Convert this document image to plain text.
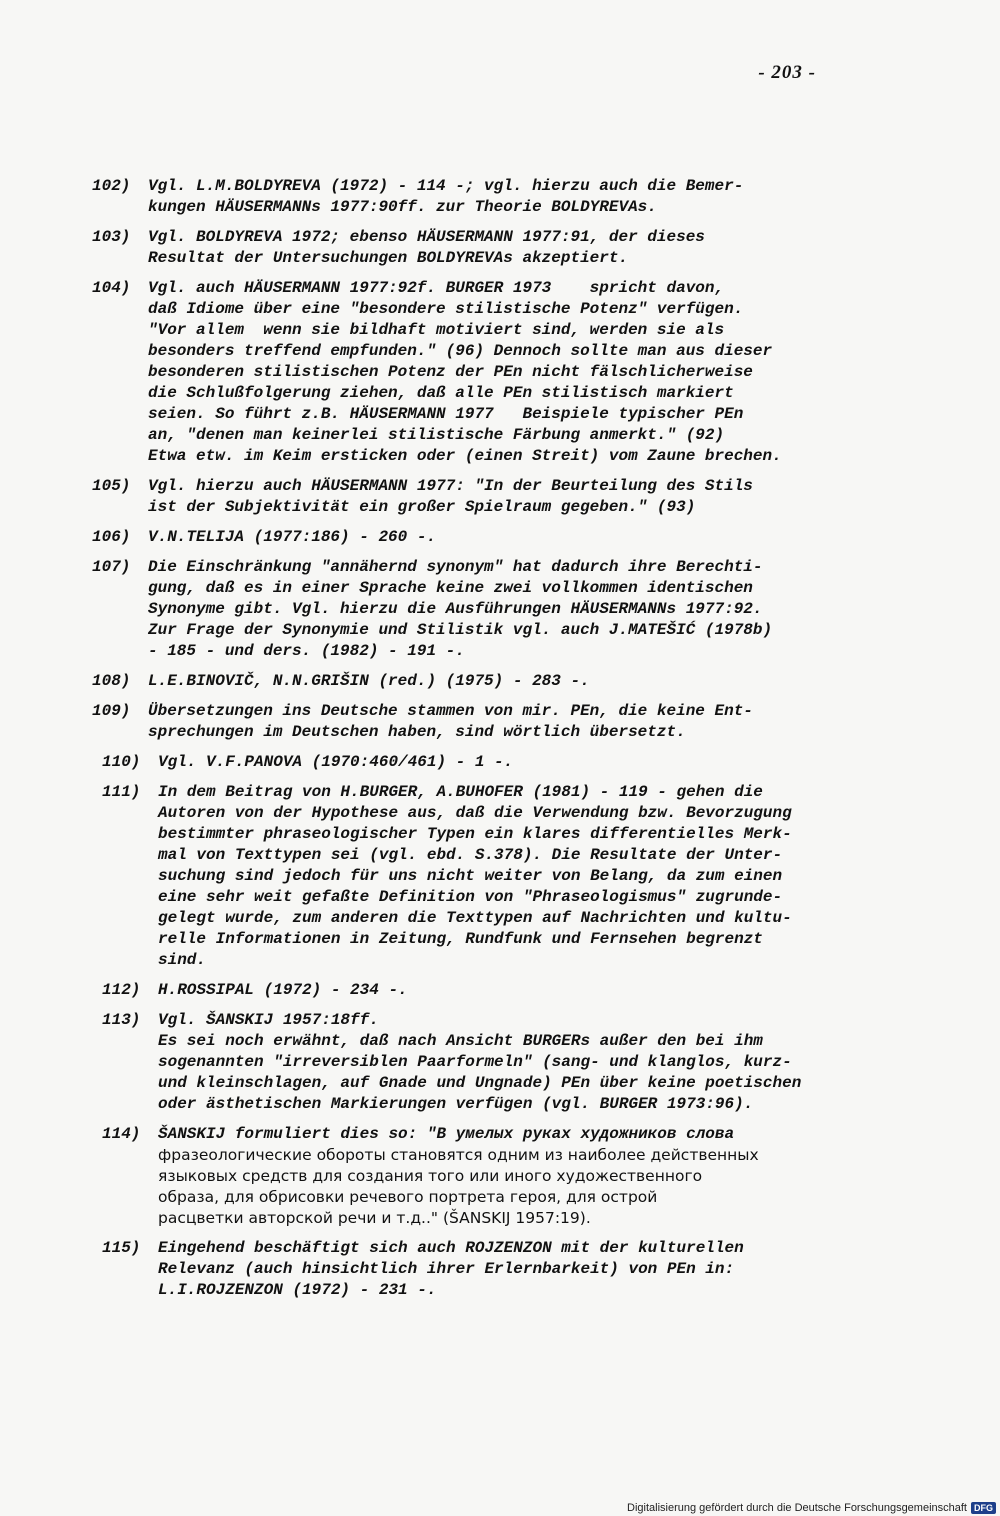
- 203 -
102)	Vgl. L.M.BOLDYREVA (1972) - 114 -; vgl. hierzu auch die Bemer-
kungen HÄUSERMANNs 1977:90ff. zur Theorie BOLDYREVAs.
103)	Vgl. BOLDYREVA 1972; ebenso HÄUSERMANN 1977:91, der dieses
Resultat der Untersuchungen BOLDYREVAs akzeptiert.
104)	Vgl. auch HÄUSERMANN 1977:92f. BURGER 1973    spricht davon,
daß Idiome über eine "besondere stilistische Potenz" verfügen.
"Vor allem  wenn sie bildhaft motiviert sind, werden sie als
besonders treffend empfunden." (96) Dennoch sollte man aus dieser
besonderen stilistischen Potenz der PEn nicht fälschlicherweise
die Schlußfolgerung ziehen, daß alle PEn stilistisch markiert
seien. So führt z.B. HÄUSERMANN 1977   Beispiele typischer PEn
an, "denen man keinerlei stilistische Färbung anmerkt." (92)
Etwa etw. im Keim ersticken oder (einen Streit) vom Zaune brechen.
105)	Vgl. hierzu auch HÄUSERMANN 1977: "In der Beurteilung des Stils
ist der Subjektivität ein großer Spielraum gegeben." (93)
106)	V.N.TELIJA (1977:186) - 260 -.
107)	Die Einschränkung "annähernd synonym" hat dadurch ihre Berechti-
gung, daß es in einer Sprache keine zwei vollkommen identischen
Synonyme gibt. Vgl. hierzu die Ausführungen HÄUSERMANNs 1977:92.
Zur Frage der Synonymie und Stilistik vgl. auch J.MATEŠIĆ (1978b)
- 185 - und ders. (1982) - 191 -.
108)	L.E.BINOVIČ, N.N.GRIŠIN (red.) (1975) - 283 -.
109)	Übersetzungen ins Deutsche stammen von mir. PEn, die keine Ent-
sprechungen im Deutschen haben, sind wörtlich übersetzt.
110)	Vgl. V.F.PANOVA (1970:460/461) - 1 -.
111)	In dem Beitrag von H.BURGER, A.BUHOFER (1981) - 119 - gehen die
Autoren von der Hypothese aus, daß die Verwendung bzw. Bevorzugung
bestimmter phraseologischer Typen ein klares differentielles Merk-
mal von Texttypen sei (vgl. ebd. S.378). Die Resultate der Unter-
suchung sind jedoch für uns nicht weiter von Belang, da zum einen
eine sehr weit gefaßte Definition von "Phraseologismus" zugrunde-
gelegt wurde, zum anderen die Texttypen auf Nachrichten und kultu-
relle Informationen in Zeitung, Rundfunk und Fernsehen begrenzt
sind.
112)	H.ROSSIPAL (1972) - 234 -.
113)	Vgl. ŠANSKIJ 1957:18ff.
Es sei noch erwähnt, daß nach Ansicht BURGERs außer den bei ihm
sogenannten "irreversiblen Paarformeln" (sang- und klanglos, kurz-
und kleinschlagen, auf Gnade und Ungnade) PEn über keine poetischen
oder ästhetischen Markierungen verfügen (vgl. BURGER 1973:96).
114)	ŠANSKIJ formuliert dies so: "В умелых руках художников слова
фразеологические обороты становятся одним из наиболее действенных
языковых средств для создания того или иного художественного
образа, для обрисовки речевого портрета героя, для острой
расцветки авторской речи и т.д.." (ŠANSKIJ 1957:19).
115)	Eingehend beschäftigt sich auch ROJZENZON mit der kulturellen
Relevanz (auch hinsichtlich ihrer Erlernbarkeit) von PEn in:
L.I.ROJZENZON (1972) - 231 -.
Digitalisierung gefördert durch die Deutsche Forschungsgemeinschaft DFG
